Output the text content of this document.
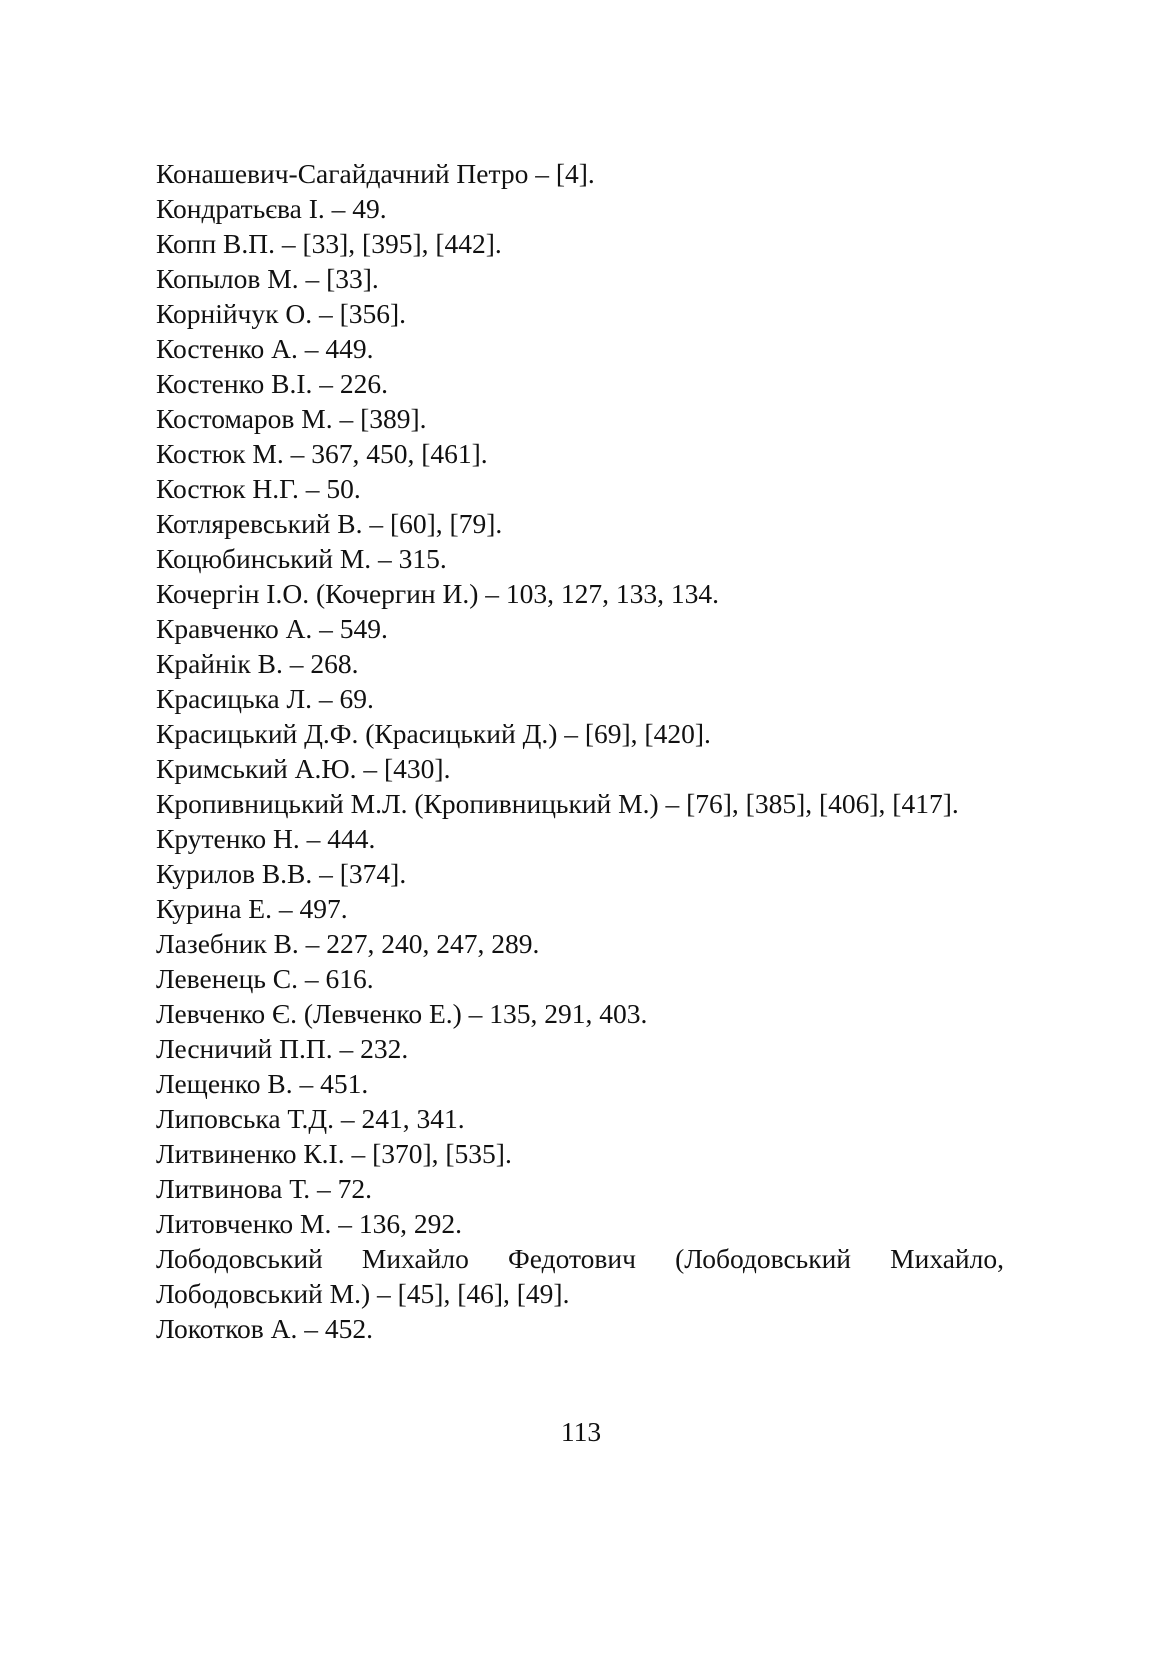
Конашевич-Сагайдачний Петро – [4].
Кондратьєва І. – 49.
Копп В.П. – [33], [395], [442].
Копылов М. – [33].
Корнійчук О. – [356].
Костенко А. – 449.
Костенко В.І. – 226.
Костомаров М. – [389].
Костюк М. – 367, 450, [461].
Костюк Н.Г. – 50.
Котляревський В. – [60], [79].
Коцюбинський М. – 315.
Кочергін І.О. (Кочергин И.) – 103, 127, 133, 134.
Кравченко А. – 549.
Крайнік В. – 268.
Красицька Л. – 69.
Красицький Д.Ф. (Красицький Д.) – [69], [420].
Кримський А.Ю. – [430].
Кропивницький М.Л. (Кропивницький М.) – [76], [385], [406], [417].
Крутенко Н. – 444.
Курилов В.В. – [374].
Курина Е. – 497.
Лазебник В. – 227, 240, 247, 289.
Левенець С. – 616.
Левченко Є. (Левченко Е.) – 135, 291, 403.
Лесничий П.П. – 232.
Лещенко В. – 451.
Липовська Т.Д. – 241, 341.
Литвиненко К.І. – [370], [535].
Литвинова Т. – 72.
Литовченко М. – 136, 292.
Лободовський Михайло Федотович (Лободовський Михайло, Лободовський М.) – [45], [46], [49].
Локотков А. – 452.
113
